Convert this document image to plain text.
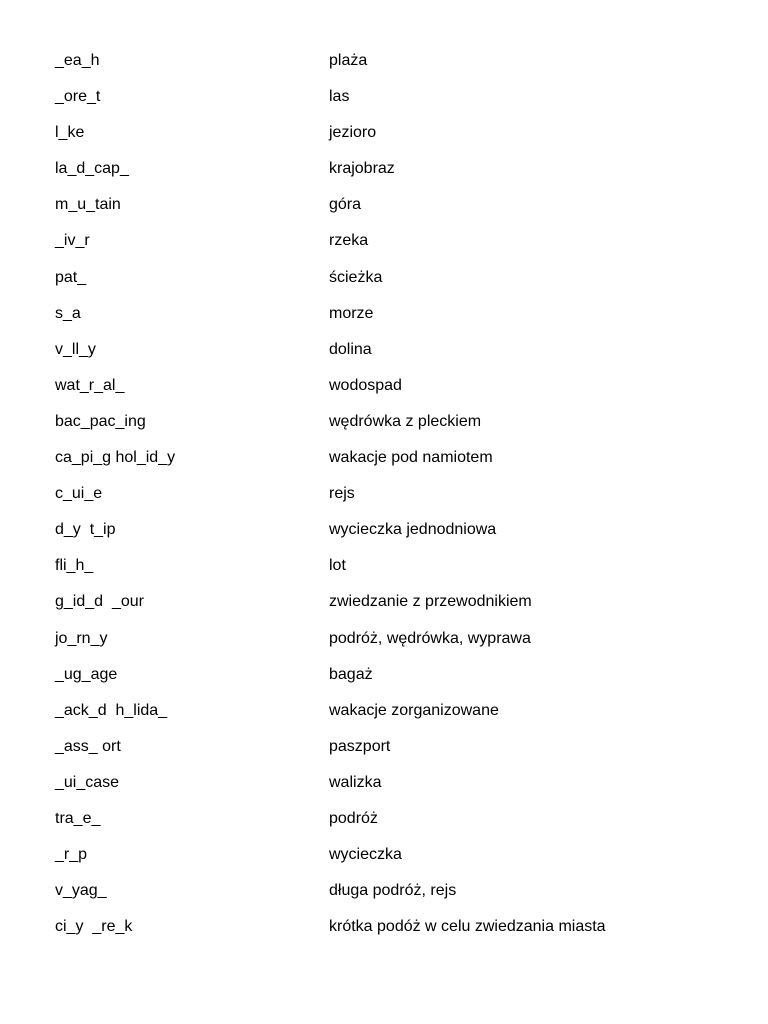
_ea_h	plaża
_ore_t	las
l_ke	jezioro
la_d_cap_	krajobraz
m_u_tain	góra
_iv_r	rzeka
pat_	ścieżka
s_a	morze
v_ll_y	dolina
wat_r_al_	wodospad
bac_pac_ing	wędrówka z pleckiem
ca_pi_g hol_id_y	wakacje pod namiotem
c_ui_e	rejs
d_y  t_ip	wycieczka jednodniowa
fli_h_	lot
g_id_d  _our	zwiedzanie z przewodnikiem
jo_rn_y	podróż, wędrówka, wyprawa
_ug_age	bagaż
_ack_d  h_lida_	wakacje zorganizowane
_ass_ ort	paszport
_ui_case	walizka
tra_e_	podróż
_r_p	wycieczka
v_yag_	długa podróż, rejs
ci_y  _re_k	krótka podóż w celu zwiedzania miasta
